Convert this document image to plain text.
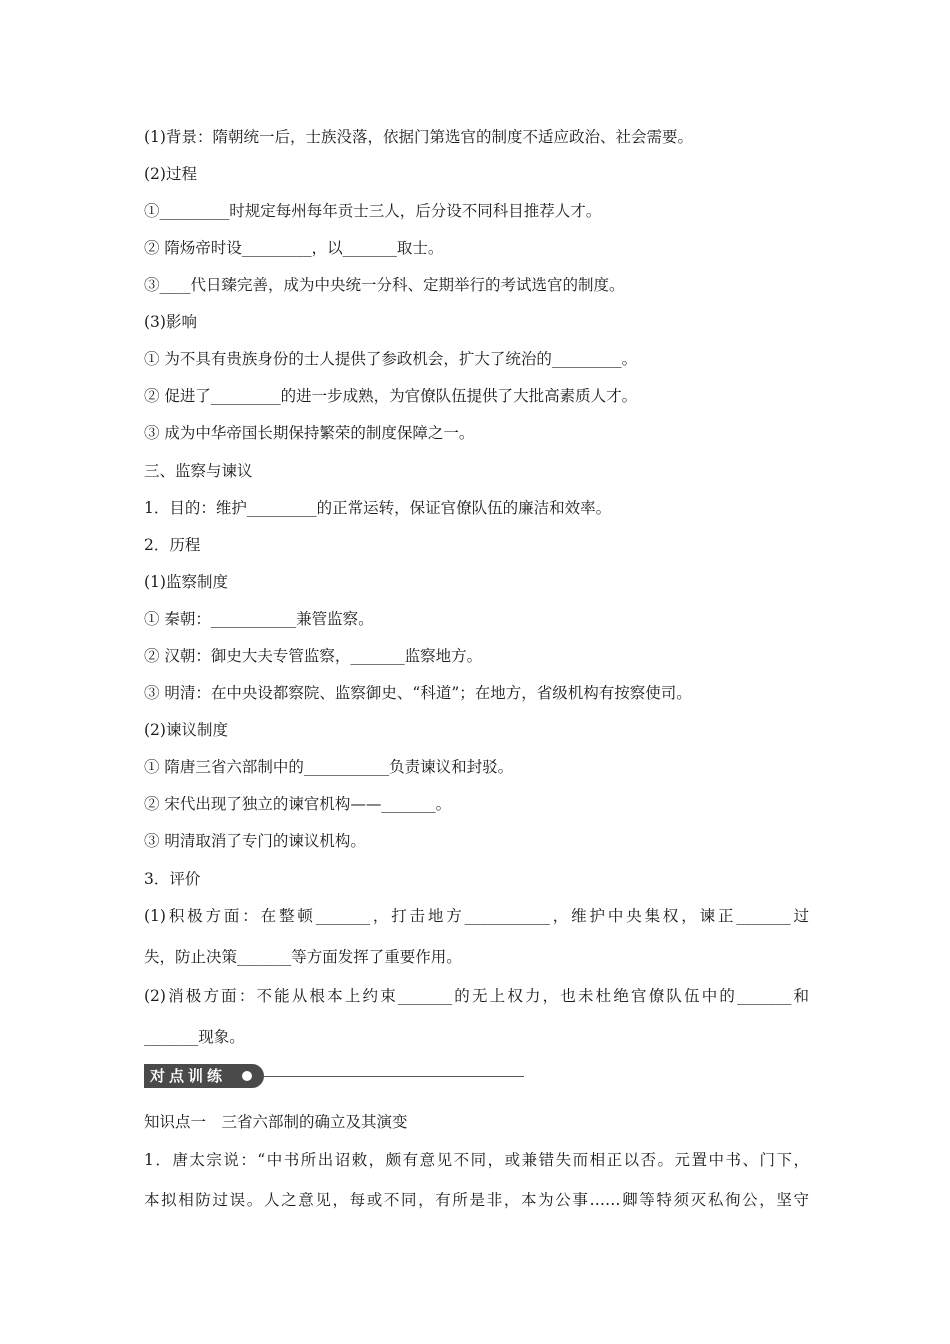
(1)背景：隋朝统一后，士族没落，依据门第选官的制度不适应政治、社会需要。
(2)过程
①_________时规定每州每年贡士三人，后分设不同科目推荐人才。
② 隋炀帝时设_________，以_______取士。
③____代日臻完善，成为中央统一分科、定期举行的考试选官的制度。
(3)影响
① 为不具有贵族身份的士人提供了参政机会，扩大了统治的_________。
② 促进了_________的进一步成熟，为官僚队伍提供了大批高素质人才。
③ 成为中华帝国长期保持繁荣的制度保障之一。
三、监察与谏议
1．目的：维护_________的正常运转，保证官僚队伍的廉洁和效率。
2．历程
(1)监察制度
① 秦朝：___________兼管监察。
② 汉朝：御史大夫专管监察，_______监察地方。
③ 明清：在中央设都察院、监察御史、“科道”；在地方，省级机构有按察使司。
(2)谏议制度
① 隋唐三省六部制中的___________负责谏议和封驳。
② 宋代出现了独立的谏官机构——_______。
③ 明清取消了专门的谏议机构。
3．评价
(1)积极方面：在整顿_______，打击地方___________，维护中央集权，谏正_______过
失，防止决策_______等方面发挥了重要作用。
(2)消极方面：不能从根本上约束_______的无上权力，也未杜绝官僚队伍中的_______和
_______现象。
对点训练
知识点一　三省六部制的确立及其演变
1．唐太宗说：“中书所出诏敕，颇有意见不同，或兼错失而相正以否。元置中书、门下，
本拟相防过误。人之意见，每或不同，有所是非，本为公事……卿等特须灭私徇公，坚守
